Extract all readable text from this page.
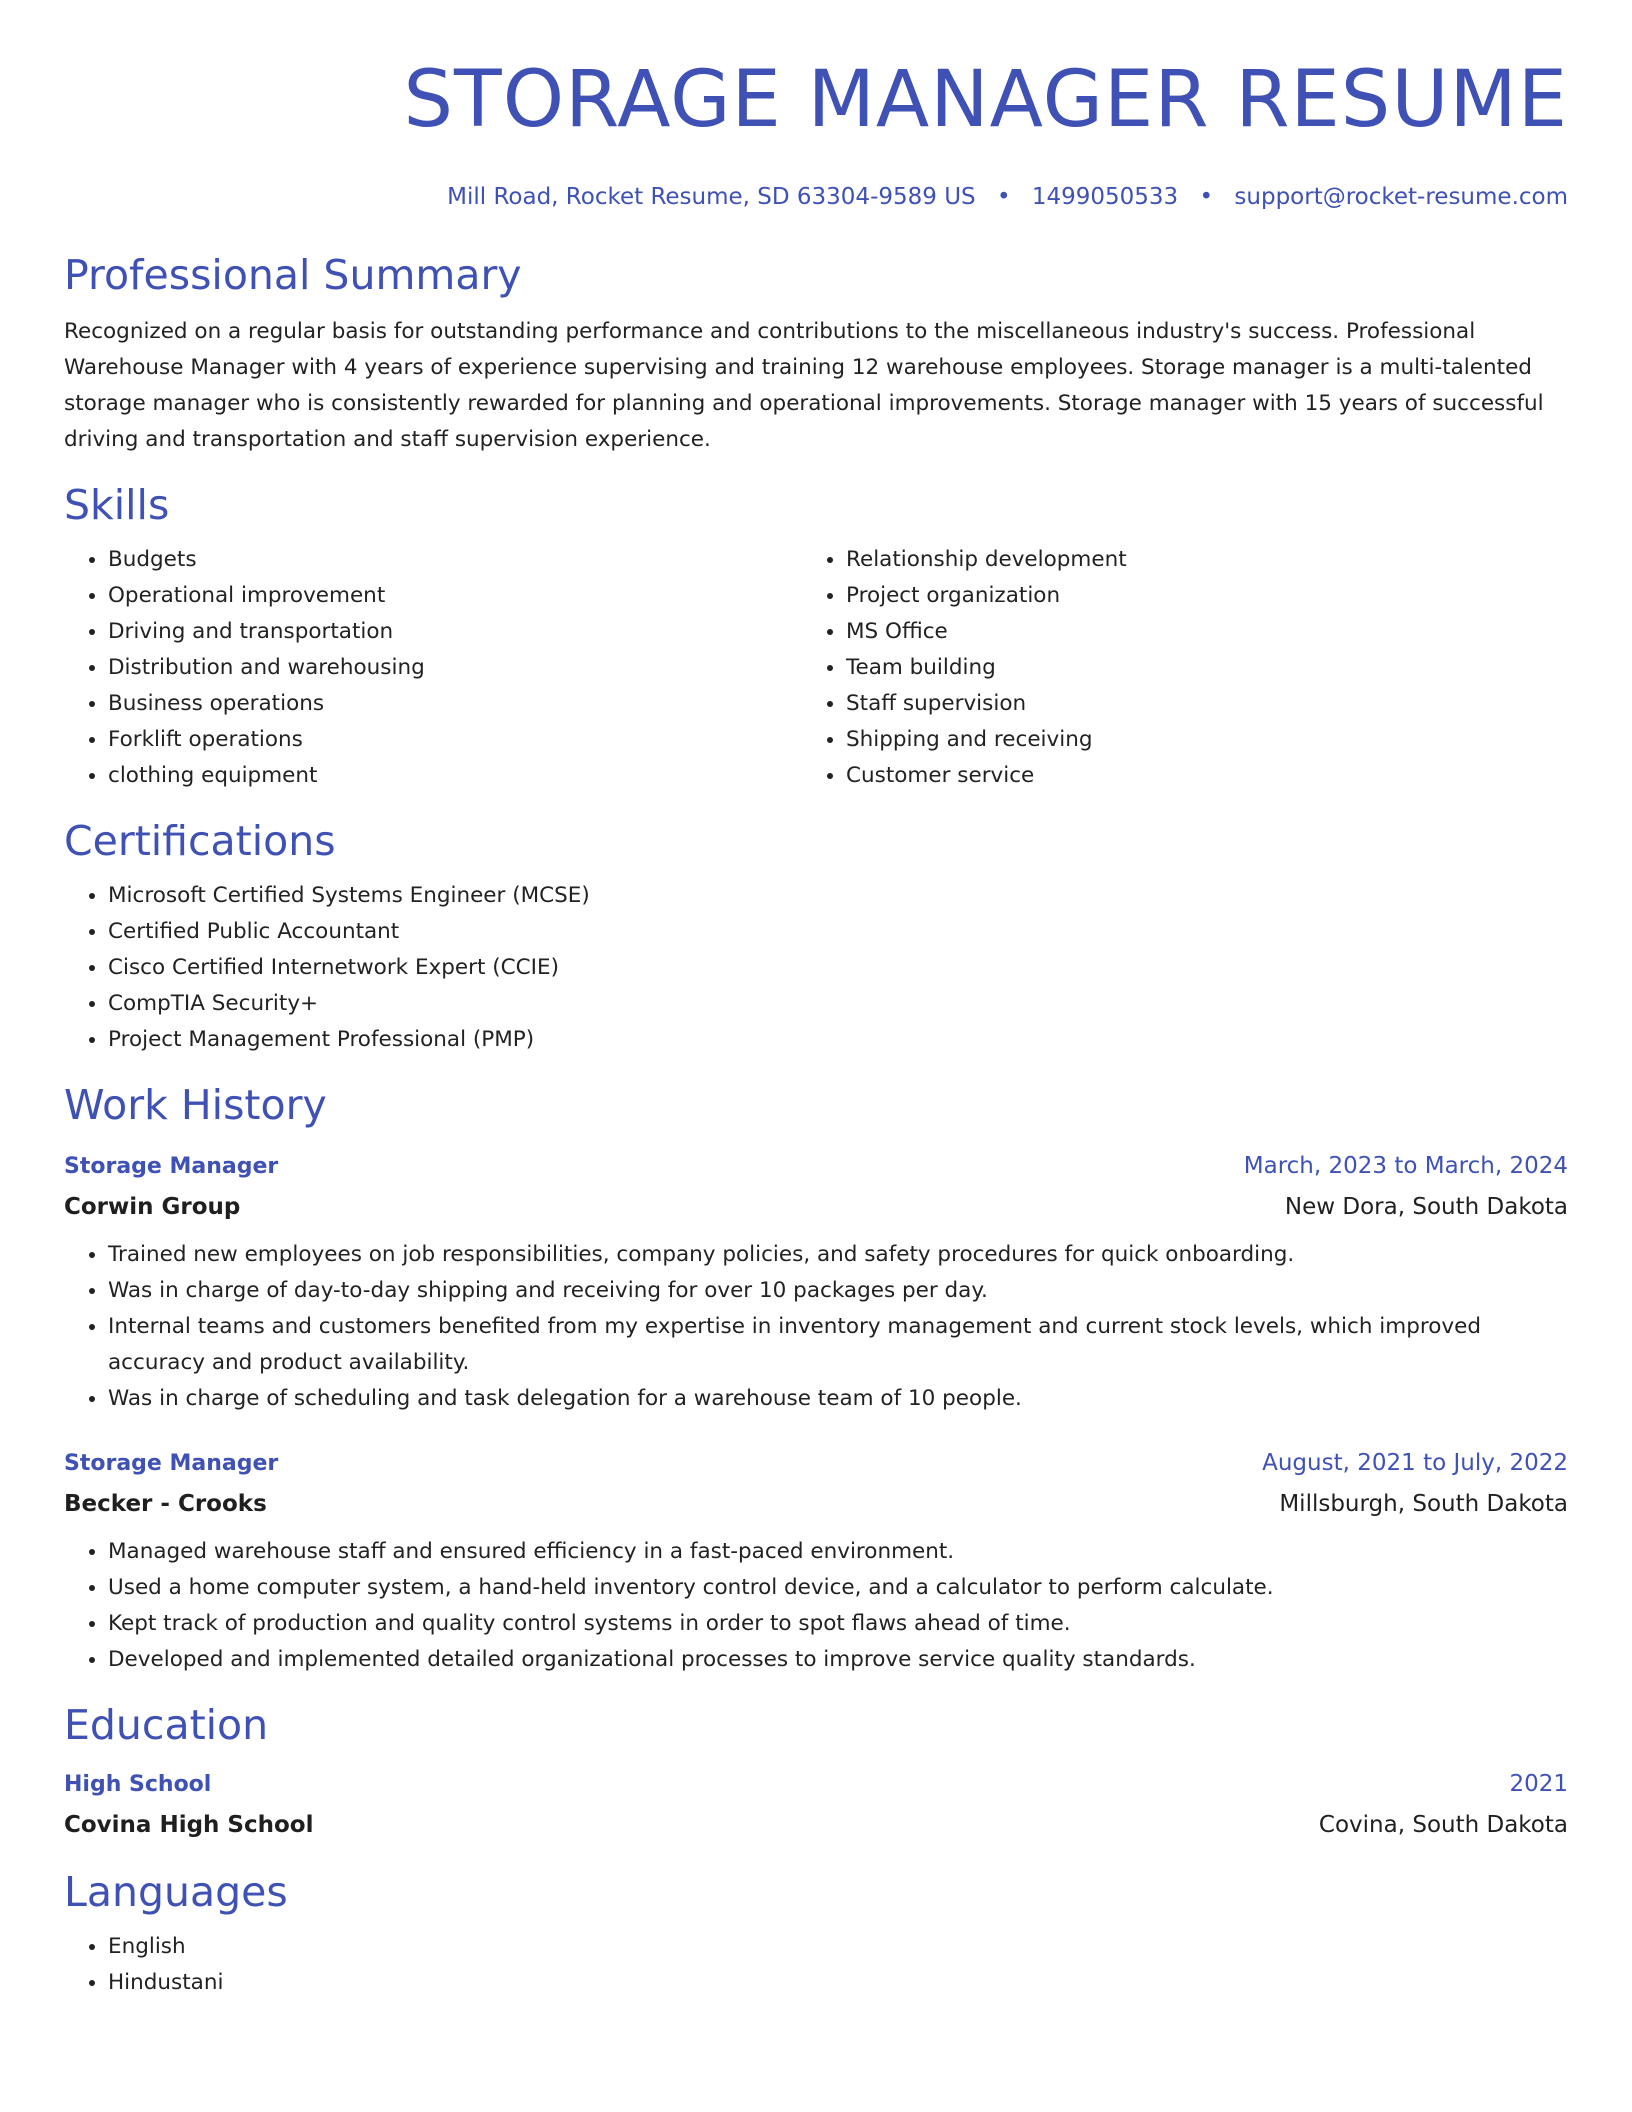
STORAGE MANAGER RESUME
Mill Road, Rocket Resume, SD 63304-9589 US • 1499050533 • support@rocket-resume.com
Professional Summary

Recognized on a regular basis for outstanding performance and contributions to the miscellaneous industry's success. Professional Warehouse Manager with 4 years of experience supervising and training 12 warehouse employees. Storage manager is a multi-talented storage manager who is consistently rewarded for planning and operational improvements. Storage manager with 15 years of successful driving and transportation and staff supervision experience.

Skills
• Budgets
• Operational improvement
• Driving and transportation
• Distribution and warehousing
• Business operations
• Forklift operations
• clothing equipment
• Relationship development
• Project organization
• MS Office
• Team building
• Staff supervision
• Shipping and receiving
• Customer service
Certifications
• Microsoft Certified Systems Engineer (MCSE)
• Certified Public Accountant
• Cisco Certified Internetwork Expert (CCIE)
• CompTIA Security+
• Project Management Professional (PMP)
Work History
Storage Manager	March, 2023 to March, 2024
Corwin Group	New Dora, South Dakota
• Trained new employees on job responsibilities, company policies, and safety procedures for quick onboarding.
• Was in charge of day-to-day shipping and receiving for over 10 packages per day.
• Internal teams and customers benefited from my expertise in inventory management and current stock levels, which improved accuracy and product availability.
• Was in charge of scheduling and task delegation for a warehouse team of 10 people.
Storage Manager	August, 2021 to July, 2022
Becker - Crooks	Millsburgh, South Dakota
• Managed warehouse staff and ensured efficiency in a fast-paced environment.
• Used a home computer system, a hand-held inventory control device, and a calculator to perform calculate.
• Kept track of production and quality control systems in order to spot flaws ahead of time.
• Developed and implemented detailed organizational processes to improve service quality standards.
Education
High School	2021
Covina High School	Covina, South Dakota
Languages
• English
• Hindustani
